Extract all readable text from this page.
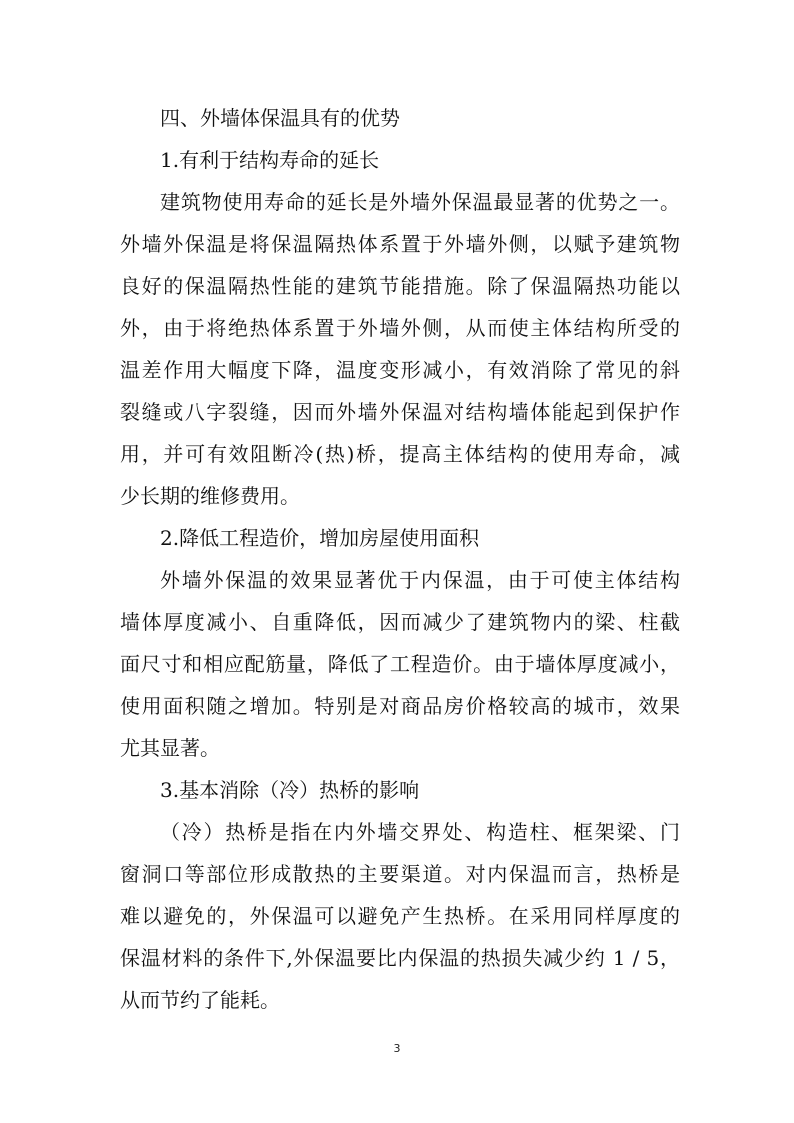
四、外墙体保温具有的优势
1.有利于结构寿命的延长
建筑物使用寿命的延长是外墙外保温最显著的优势之一。
外墙外保温是将保温隔热体系置于外墙外侧，以赋予建筑物
良好的保温隔热性能的建筑节能措施。除了保温隔热功能以
外，由于将绝热体系置于外墙外侧，从而使主体结构所受的
温差作用大幅度下降，温度变形减小，有效消除了常见的斜
裂缝或八字裂缝，因而外墙外保温对结构墙体能起到保护作
用，并可有效阻断冷(热)桥，提高主体结构的使用寿命，减
少长期的维修费用。
2.降低工程造价，增加房屋使用面积
外墙外保温的效果显著优于内保温，由于可使主体结构
墙体厚度减小、自重降低，因而减少了建筑物内的梁、柱截
面尺寸和相应配筋量，降低了工程造价。由于墙体厚度减小，
使用面积随之增加。特别是对商品房价格较高的城市，效果
尤其显著。
3.基本消除（冷）热桥的影响
（冷）热桥是指在内外墙交界处、构造柱、框架梁、门
窗洞口等部位形成散热的主要渠道。对内保温而言，热桥是
难以避免的，外保温可以避免产生热桥。在采用同样厚度的
保温材料的条件下,外保温要比内保温的热损失减少约 1 / 5，
从而节约了能耗。
3
